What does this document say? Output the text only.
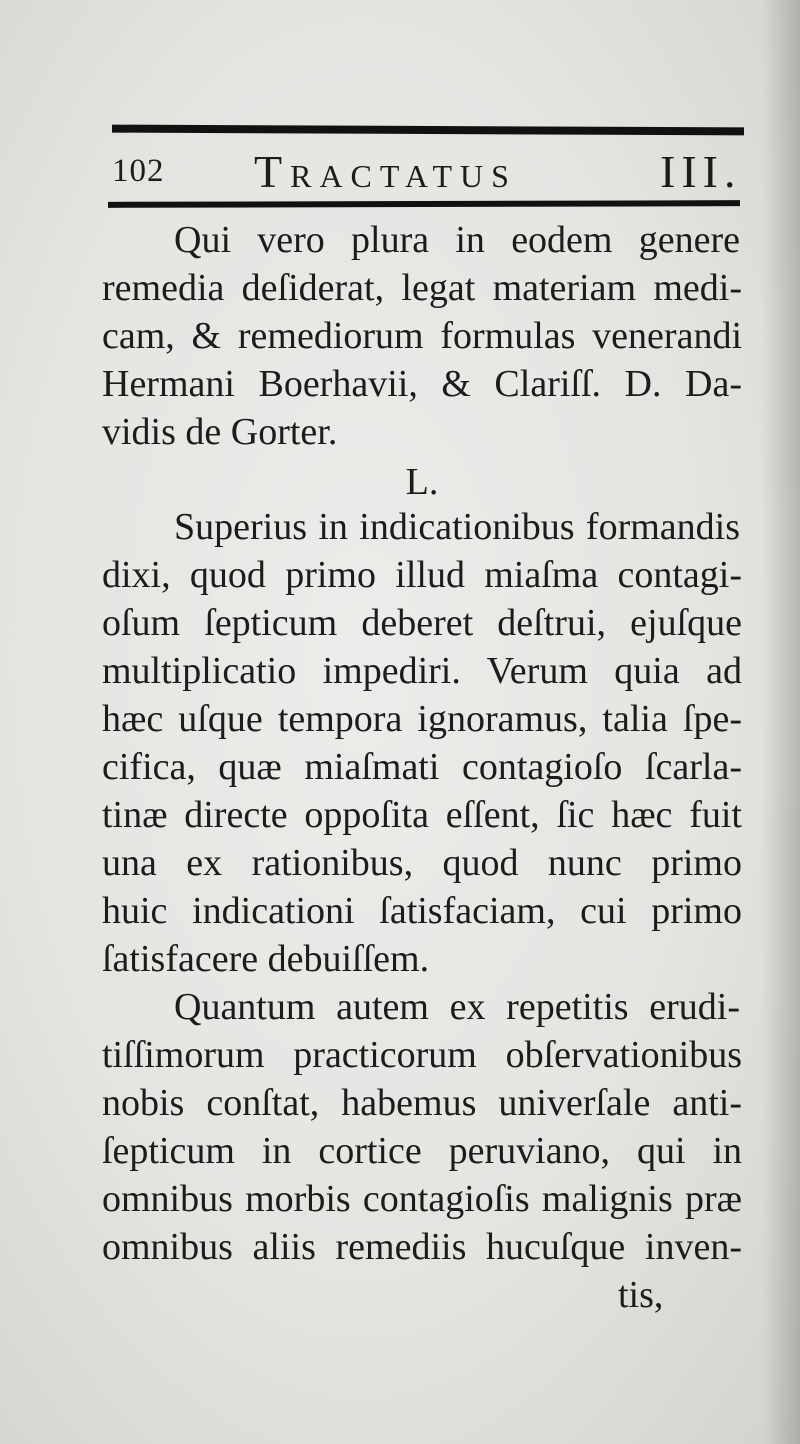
102 Tractatus	III.
Qui vero plura in eodem genere
remedia deſiderat, legat materiam medi-
cam, & remediorum formulas venerandi
Hermani Boerhavii, & Clariſſ. D. Da-
vidis de Gorter.
L.
Superius in indicationibus formandis
dixi, quod primo illud miaſma contagi-
oſum ſepticum deberet deſtrui, ejuſque
multiplicatio impediri. Verum quia ad
hæc uſque tempora ignoramus, talia ſpe-
cifica, quæ miaſmati contagioſo ſcarla-
tinæ directe oppoſita eſſent, ſic hæc fuit
una ex rationibus, quod nunc primo
huic indicationi ſatisfaciam, cui primo
ſatisfacere debuiſſem.
Quantum autem ex repetitis erudi-
tiſſimorum practicorum obſervationibus
nobis conſtat, habemus univerſale anti-
ſepticum in cortice peruviano, qui in
omnibus morbis contagioſis malignis præ
omnibus aliis remediis hucuſque inven-
tis,
